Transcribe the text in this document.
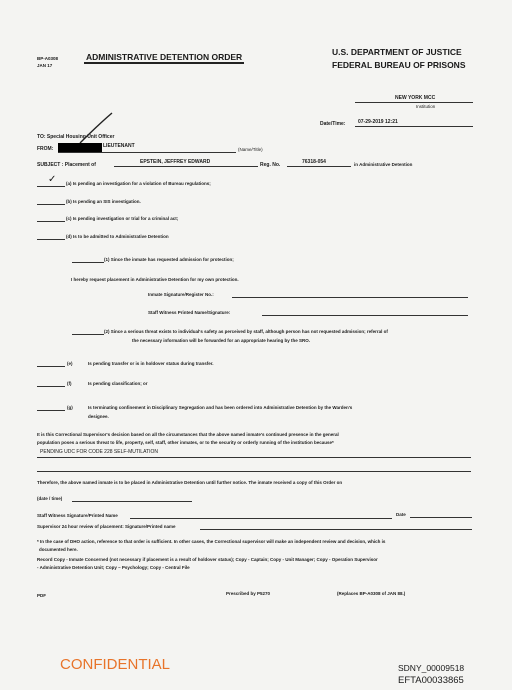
BP-A0308
JAN 17
ADMINISTRATIVE DETENTION ORDER	U.S. DEPARTMENT OF JUSTICE
FEDERAL BUREAU OF PRISONS
NEW YORK MCC
Institution
Date/Time:	07-29-2019 12:21
TO: Special Housing Unit Officer
FROM:	LIEUTENANT
(Name/Title)
SUBJECT : Placement of	EPSTEIN, JEFFREY EDWARD	Reg. No.	76318-054	in Administrative Detention
✓ (a) Is pending an investigation for a violation of Bureau regulations;
(b) Is pending an SIS investigation.
(c) Is pending investigation or trial for a criminal act;
(d) Is to be admitted to Administrative Detention
(1) Since the inmate has requested admission for protection;
I hereby request placement in Administrative Detention for my own protection.
Inmate Signature/Register No.:
Staff Witness Printed Name/Signature:
(2) Since a serious threat exists to individual's safety as perceived by staff, although person has not requested admission; referral of
the necessary information will be forwarded for an appropriate hearing by the SRO.
(e)	Is pending transfer or is in holdover status during transfer.
(f)	Is pending classification; or
(g)	Is terminating confinement in Disciplinary Segregation and has been ordered into Administrative Detention by the Warden's
designee.
It is this Correctional Supervisor's decision based on all the circumstances that the above named inmate's continued presence in the general
population poses a serious threat to life, property, self, staff, other inmates, or to the security or orderly running of the institution because*
PENDING UDC FOR CODE 228 SELF-MUTILATION
Therefore, the above named inmate is to be placed in Administrative Detention until further notice. The inmate received a copy of this Order on
(date / time)
Staff Witness Signature/Printed Name	Date
Supervisor 24 hour review of placement: Signature/Printed name
* In the case of DHO action, reference to that order is sufficient. In other cases, the Correctional supervisor will make an independent review and decision, which is
documented here.
Record Copy - Inmate Concerned (not necessary if placement is a result of holdover status); Copy - Captain; Copy - Unit Manager; Copy - Operation Supervisor
- Administrative Detention Unit; Copy – Psychology; Copy - Central File
PDF	Prescribed by P5270	(Replaces BP-A0308 of JAN 88.)
CONFIDENTIAL	SDNY_00009518
EFTA00033865
